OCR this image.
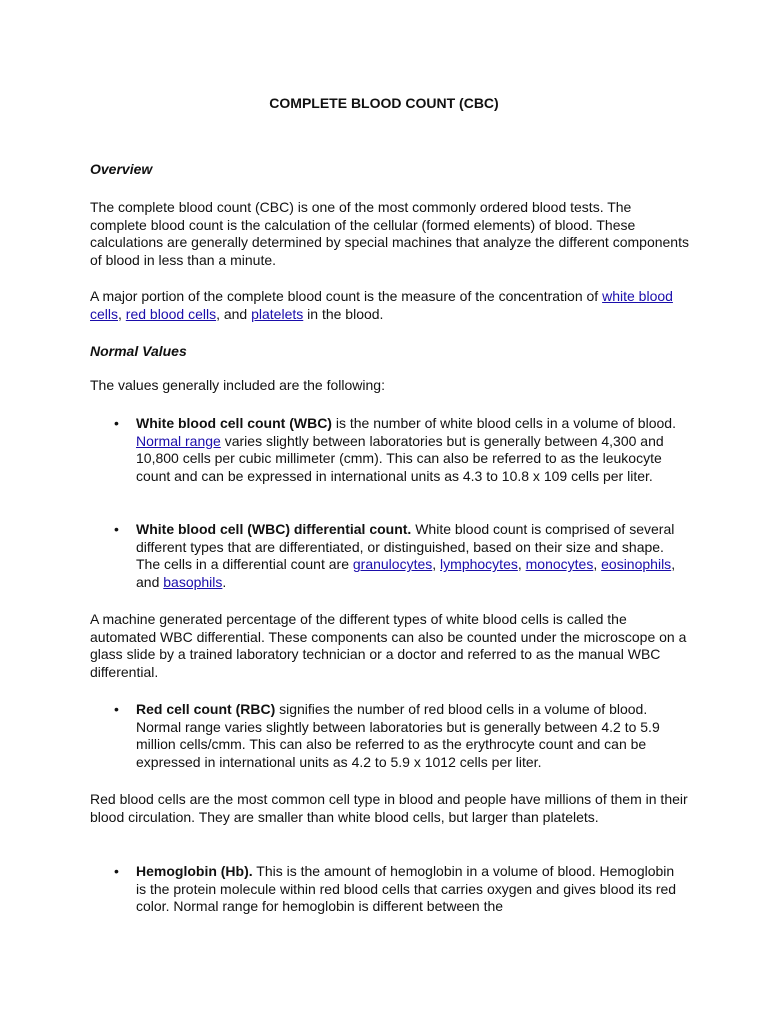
COMPLETE BLOOD COUNT (CBC)
Overview

The complete blood count (CBC) is one of the most commonly ordered blood tests. The complete blood count is the calculation of the cellular (formed elements) of blood. These calculations are generally determined by special machines that analyze the different components of blood in less than a minute.

A major portion of the complete blood count is the measure of the concentration of white blood cells, red blood cells, and platelets in the blood.

Normal Values

The values generally included are the following:

•	White blood cell count (WBC) is the number of white blood cells in a volume of blood. Normal range varies slightly between laboratories but is generally between 4,300 and 10,800 cells per cubic millimeter (cmm). This can also be referred to as the leukocyte count and can be expressed in international units as 4.3 to 10.8 x 109 cells per liter.
•	White blood cell (WBC) differential count. White blood count is comprised of several different types that are differentiated, or distinguished, based on their size and shape. The cells in a differential count are granulocytes, lymphocytes, monocytes, eosinophils, and basophils.

A machine generated percentage of the different types of white blood cells is called the automated WBC differential. These components can also be counted under the microscope on a glass slide by a trained laboratory technician or a doctor and referred to as the manual WBC differential.

•	Red cell count (RBC) signifies the number of red blood cells in a volume of blood. Normal range varies slightly between laboratories but is generally between 4.2 to 5.9 million cells/cmm. This can also be referred to as the erythrocyte count and can be expressed in international units as 4.2 to 5.9 x 1012 cells per liter.

Red blood cells are the most common cell type in blood and people have millions of them in their blood circulation. They are smaller than white blood cells, but larger than platelets.

•	Hemoglobin (Hb). This is the amount of hemoglobin in a volume of blood. Hemoglobin is the protein molecule within red blood cells that carries oxygen and gives blood its red color. Normal range for hemoglobin is different between the
